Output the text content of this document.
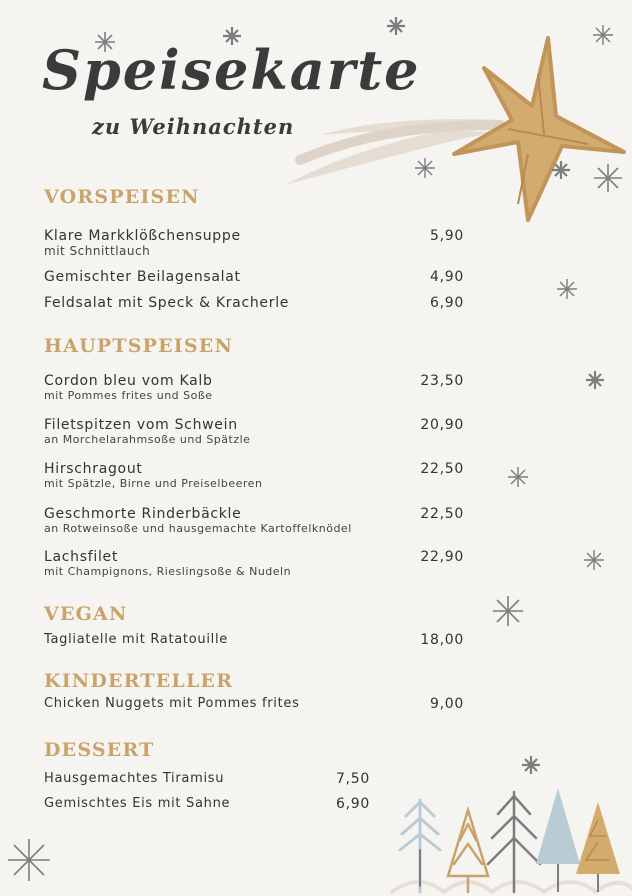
Speisekarte
zu Weihnachten
VORSPEISEN
Klare Markklößchensuppe
mit Schnittlauch
5,90
Gemischter Beilagensalat	4,90
Feldsalat mit Speck & Kracherle	6,90
HAUPTSPEISEN
Cordon bleu vom Kalb
mit Pommes frites und Soße
23,50
Filetspitzen vom Schwein
an Morchelarahmsoße und Spätzle
20,90
Hirschragout
mit Spätzle, Birne und Preiselbeeren
22,50
Geschmorte Rinderbäckle
an Rotweinsoße und hausgemachte Kartoffelknödel
22,50
Lachsfilet
mit Champignons, Rieslingsoße & Nudeln
22,90
VEGAN
Tagliatelle mit Ratatouille	18,00
KINDERTELLER
Chicken Nuggets mit Pommes frites	9,00
DESSERT
Hausgemachtes Tiramisu	7,50
Gemischtes Eis mit Sahne	6,90
